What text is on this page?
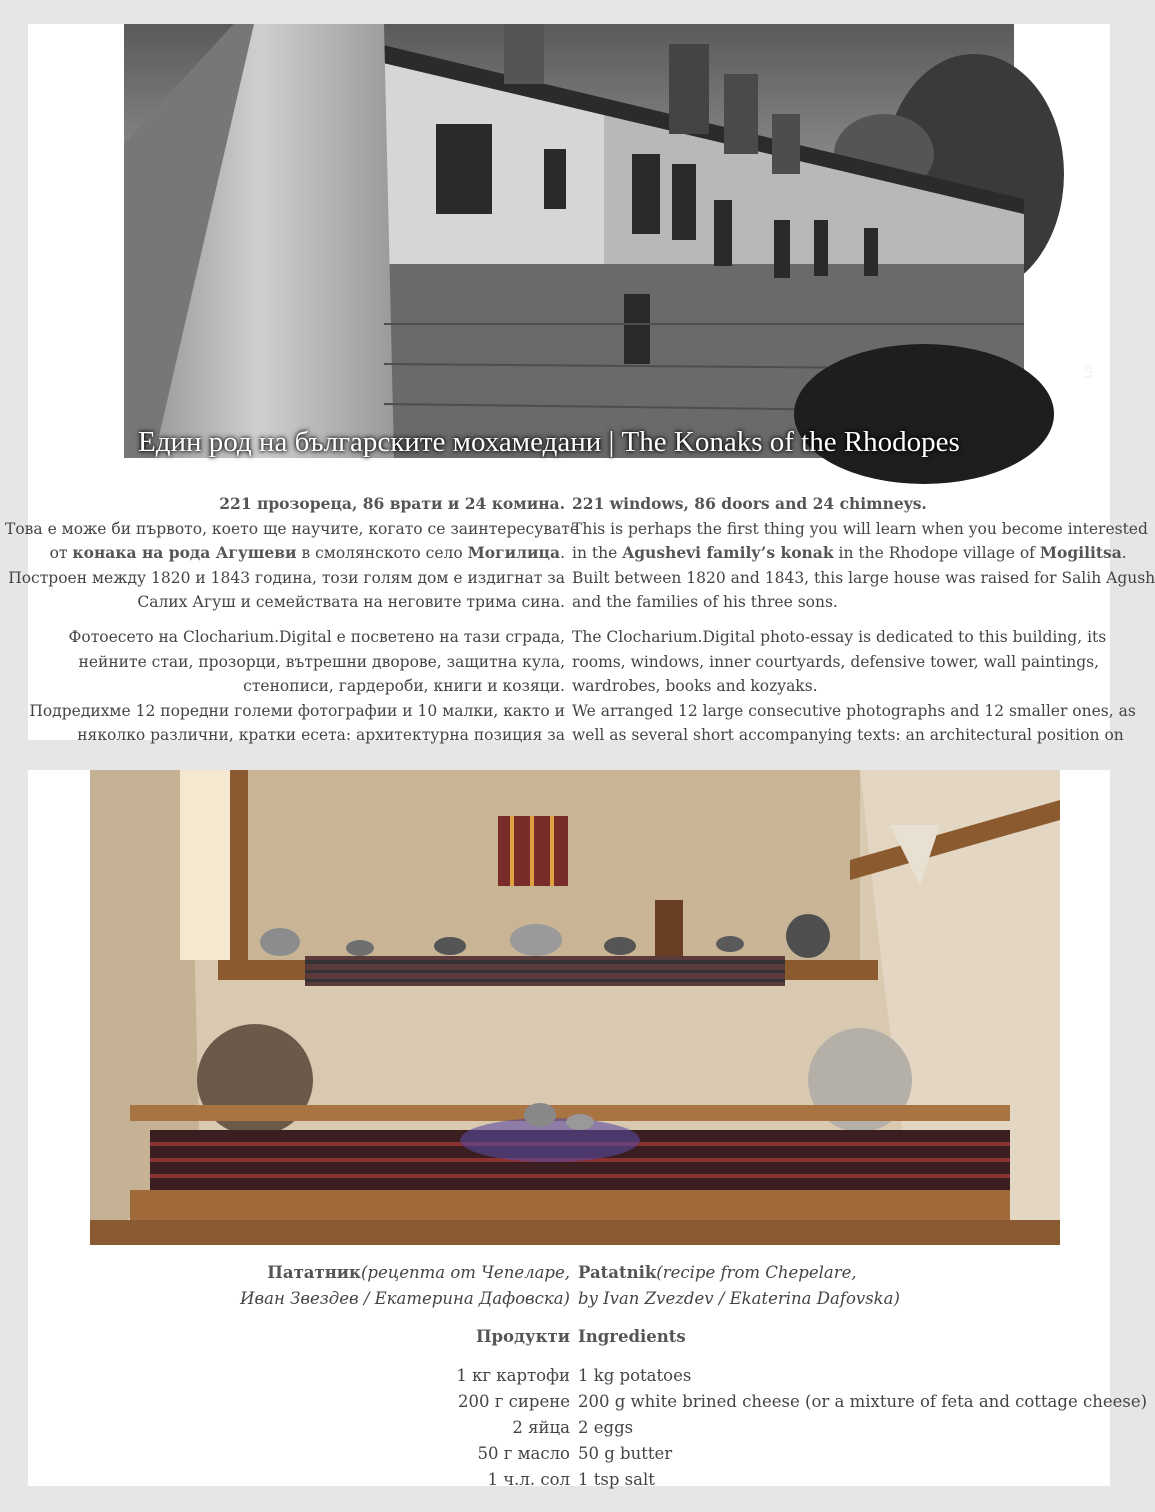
1/2
Един род на българските мохамедани | The Konaks of the Rhodopes
221 прозореца, 86 врати и 24 комина. 221 windows, 86 doors and 24 chimneys.
Това е може би първото, което ще научите, когато се заинтересувате
This is perhaps the first thing you will learn when you become interested
от конака на рода Агушеви в смолянското село Могилица. in the Agushevi family’s konak in the Rhodope village of Mogilitsa.
Построен между 1820 и 1843 година, този голям дом е издигнат за Built between 1820 and 1843, this large house was raised for Salih Agush
Салих Агуш и семействата на неговите трима сина. and the families of his three sons.
Фотоесето на Clocharium.Digital е посветено на тази сграда, The Clocharium.Digital photo-essay is dedicated to this building, its
нейните стаи, прозорци, вътрешни дворове, защитна кула, rooms, windows, inner courtyards, defensive tower, wall paintings,
стенописи, гардероби, книги и козяци. wardrobes, books and kozyaks.
Подредихме 12 поредни големи фотографии и 10 малки, както и We arranged 12 large consecutive photographs and 12 smaller ones, as
няколко различни, кратки есета: архитектурна позиция за well as several short accompanying texts: an architectural position on
Пататник(рецепта от Чепеларе, Patatnik(recipe from Chepelare,
Иван Звездев / Екатерина Дафовска) by Ivan Zvezdev / Ekaterina Dafovska)
Продукти Ingredients
1 кг картофи 1 kg potatoes
200 г сирене 200 g white brined cheese (or a mixture of feta and cottage cheese)
2 яйца 2 eggs
50 г масло 50 g butter
1 ч.л. сол 1 tsp salt
